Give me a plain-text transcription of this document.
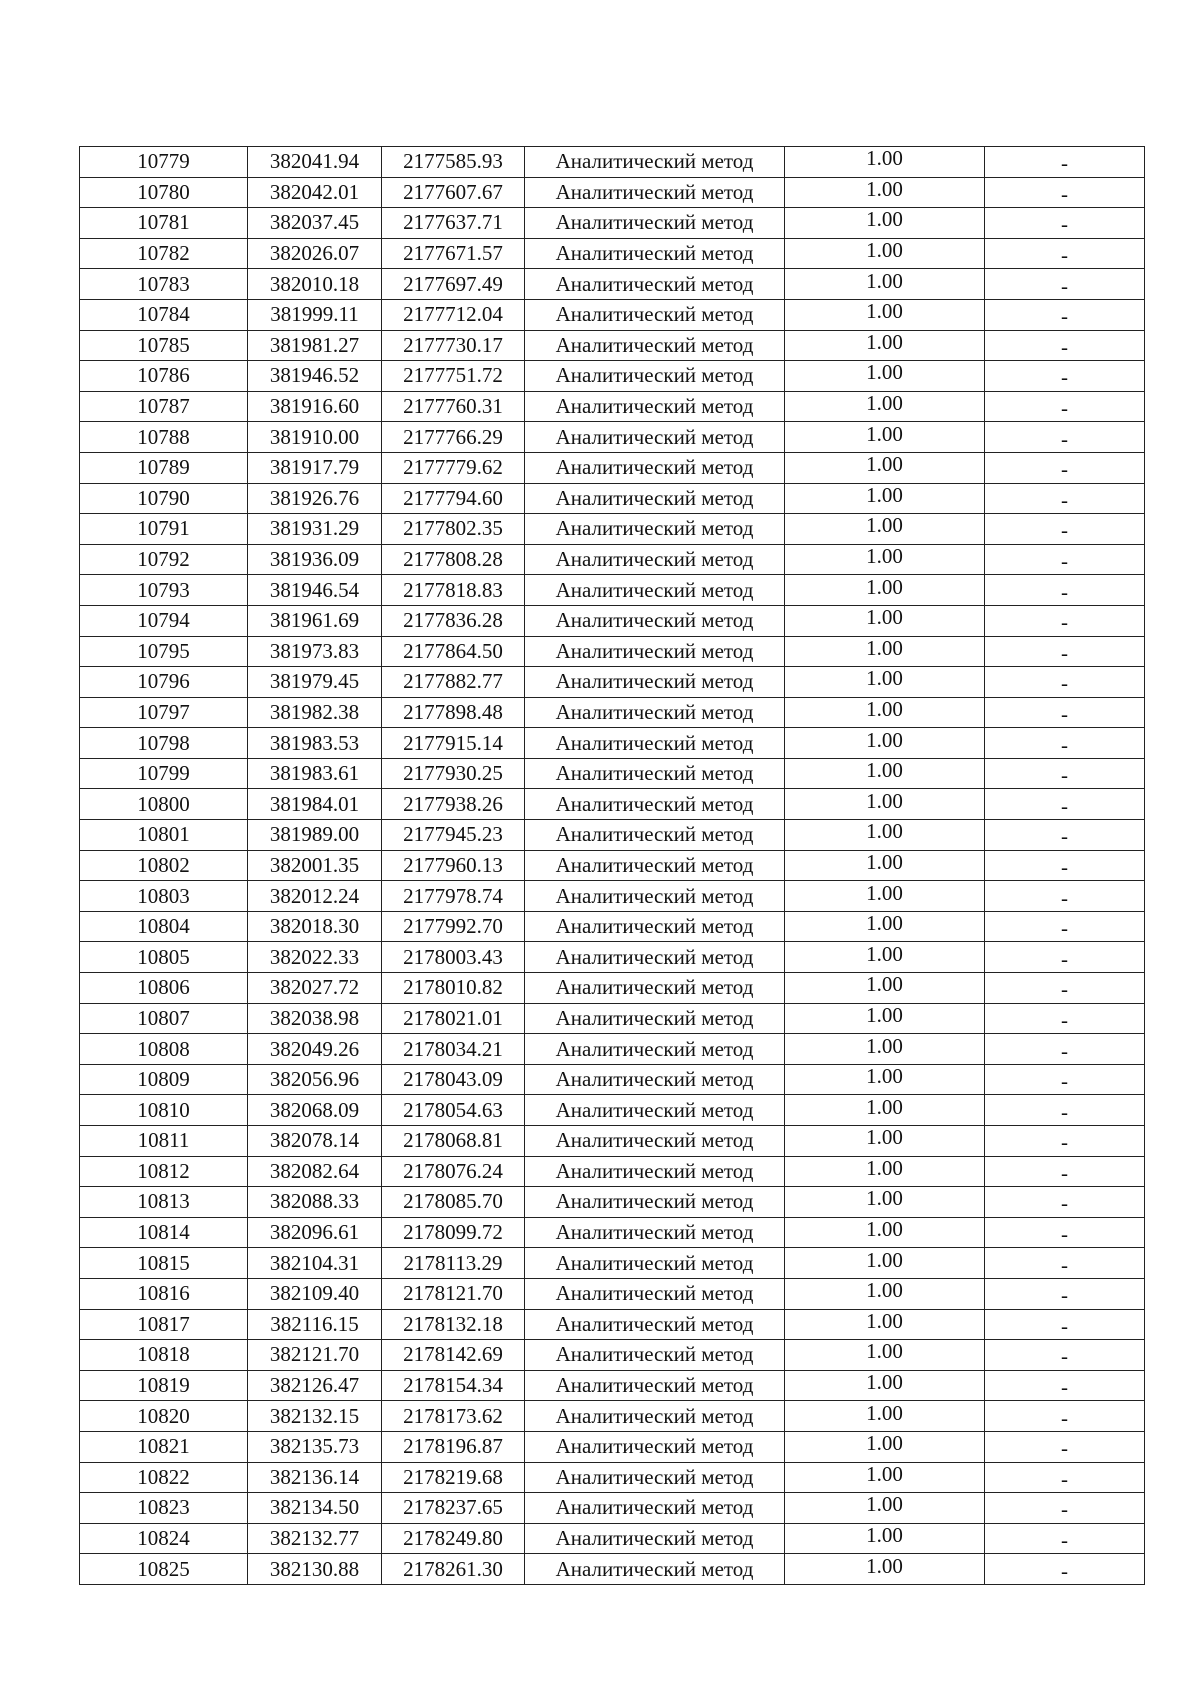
10779	382041.94	2177585.93	Аналитический метод	1.00	-
10780	382042.01	2177607.67	Аналитический метод	1.00	-
10781	382037.45	2177637.71	Аналитический метод	1.00	-
10782	382026.07	2177671.57	Аналитический метод	1.00	-
10783	382010.18	2177697.49	Аналитический метод	1.00	-
10784	381999.11	2177712.04	Аналитический метод	1.00	-
10785	381981.27	2177730.17	Аналитический метод	1.00	-
10786	381946.52	2177751.72	Аналитический метод	1.00	-
10787	381916.60	2177760.31	Аналитический метод	1.00	-
10788	381910.00	2177766.29	Аналитический метод	1.00	-
10789	381917.79	2177779.62	Аналитический метод	1.00	-
10790	381926.76	2177794.60	Аналитический метод	1.00	-
10791	381931.29	2177802.35	Аналитический метод	1.00	-
10792	381936.09	2177808.28	Аналитический метод	1.00	-
10793	381946.54	2177818.83	Аналитический метод	1.00	-
10794	381961.69	2177836.28	Аналитический метод	1.00	-
10795	381973.83	2177864.50	Аналитический метод	1.00	-
10796	381979.45	2177882.77	Аналитический метод	1.00	-
10797	381982.38	2177898.48	Аналитический метод	1.00	-
10798	381983.53	2177915.14	Аналитический метод	1.00	-
10799	381983.61	2177930.25	Аналитический метод	1.00	-
10800	381984.01	2177938.26	Аналитический метод	1.00	-
10801	381989.00	2177945.23	Аналитический метод	1.00	-
10802	382001.35	2177960.13	Аналитический метод	1.00	-
10803	382012.24	2177978.74	Аналитический метод	1.00	-
10804	382018.30	2177992.70	Аналитический метод	1.00	-
10805	382022.33	2178003.43	Аналитический метод	1.00	-
10806	382027.72	2178010.82	Аналитический метод	1.00	-
10807	382038.98	2178021.01	Аналитический метод	1.00	-
10808	382049.26	2178034.21	Аналитический метод	1.00	-
10809	382056.96	2178043.09	Аналитический метод	1.00	-
10810	382068.09	2178054.63	Аналитический метод	1.00	-
10811	382078.14	2178068.81	Аналитический метод	1.00	-
10812	382082.64	2178076.24	Аналитический метод	1.00	-
10813	382088.33	2178085.70	Аналитический метод	1.00	-
10814	382096.61	2178099.72	Аналитический метод	1.00	-
10815	382104.31	2178113.29	Аналитический метод	1.00	-
10816	382109.40	2178121.70	Аналитический метод	1.00	-
10817	382116.15	2178132.18	Аналитический метод	1.00	-
10818	382121.70	2178142.69	Аналитический метод	1.00	-
10819	382126.47	2178154.34	Аналитический метод	1.00	-
10820	382132.15	2178173.62	Аналитический метод	1.00	-
10821	382135.73	2178196.87	Аналитический метод	1.00	-
10822	382136.14	2178219.68	Аналитический метод	1.00	-
10823	382134.50	2178237.65	Аналитический метод	1.00	-
10824	382132.77	2178249.80	Аналитический метод	1.00	-
10825	382130.88	2178261.30	Аналитический метод	1.00	-
